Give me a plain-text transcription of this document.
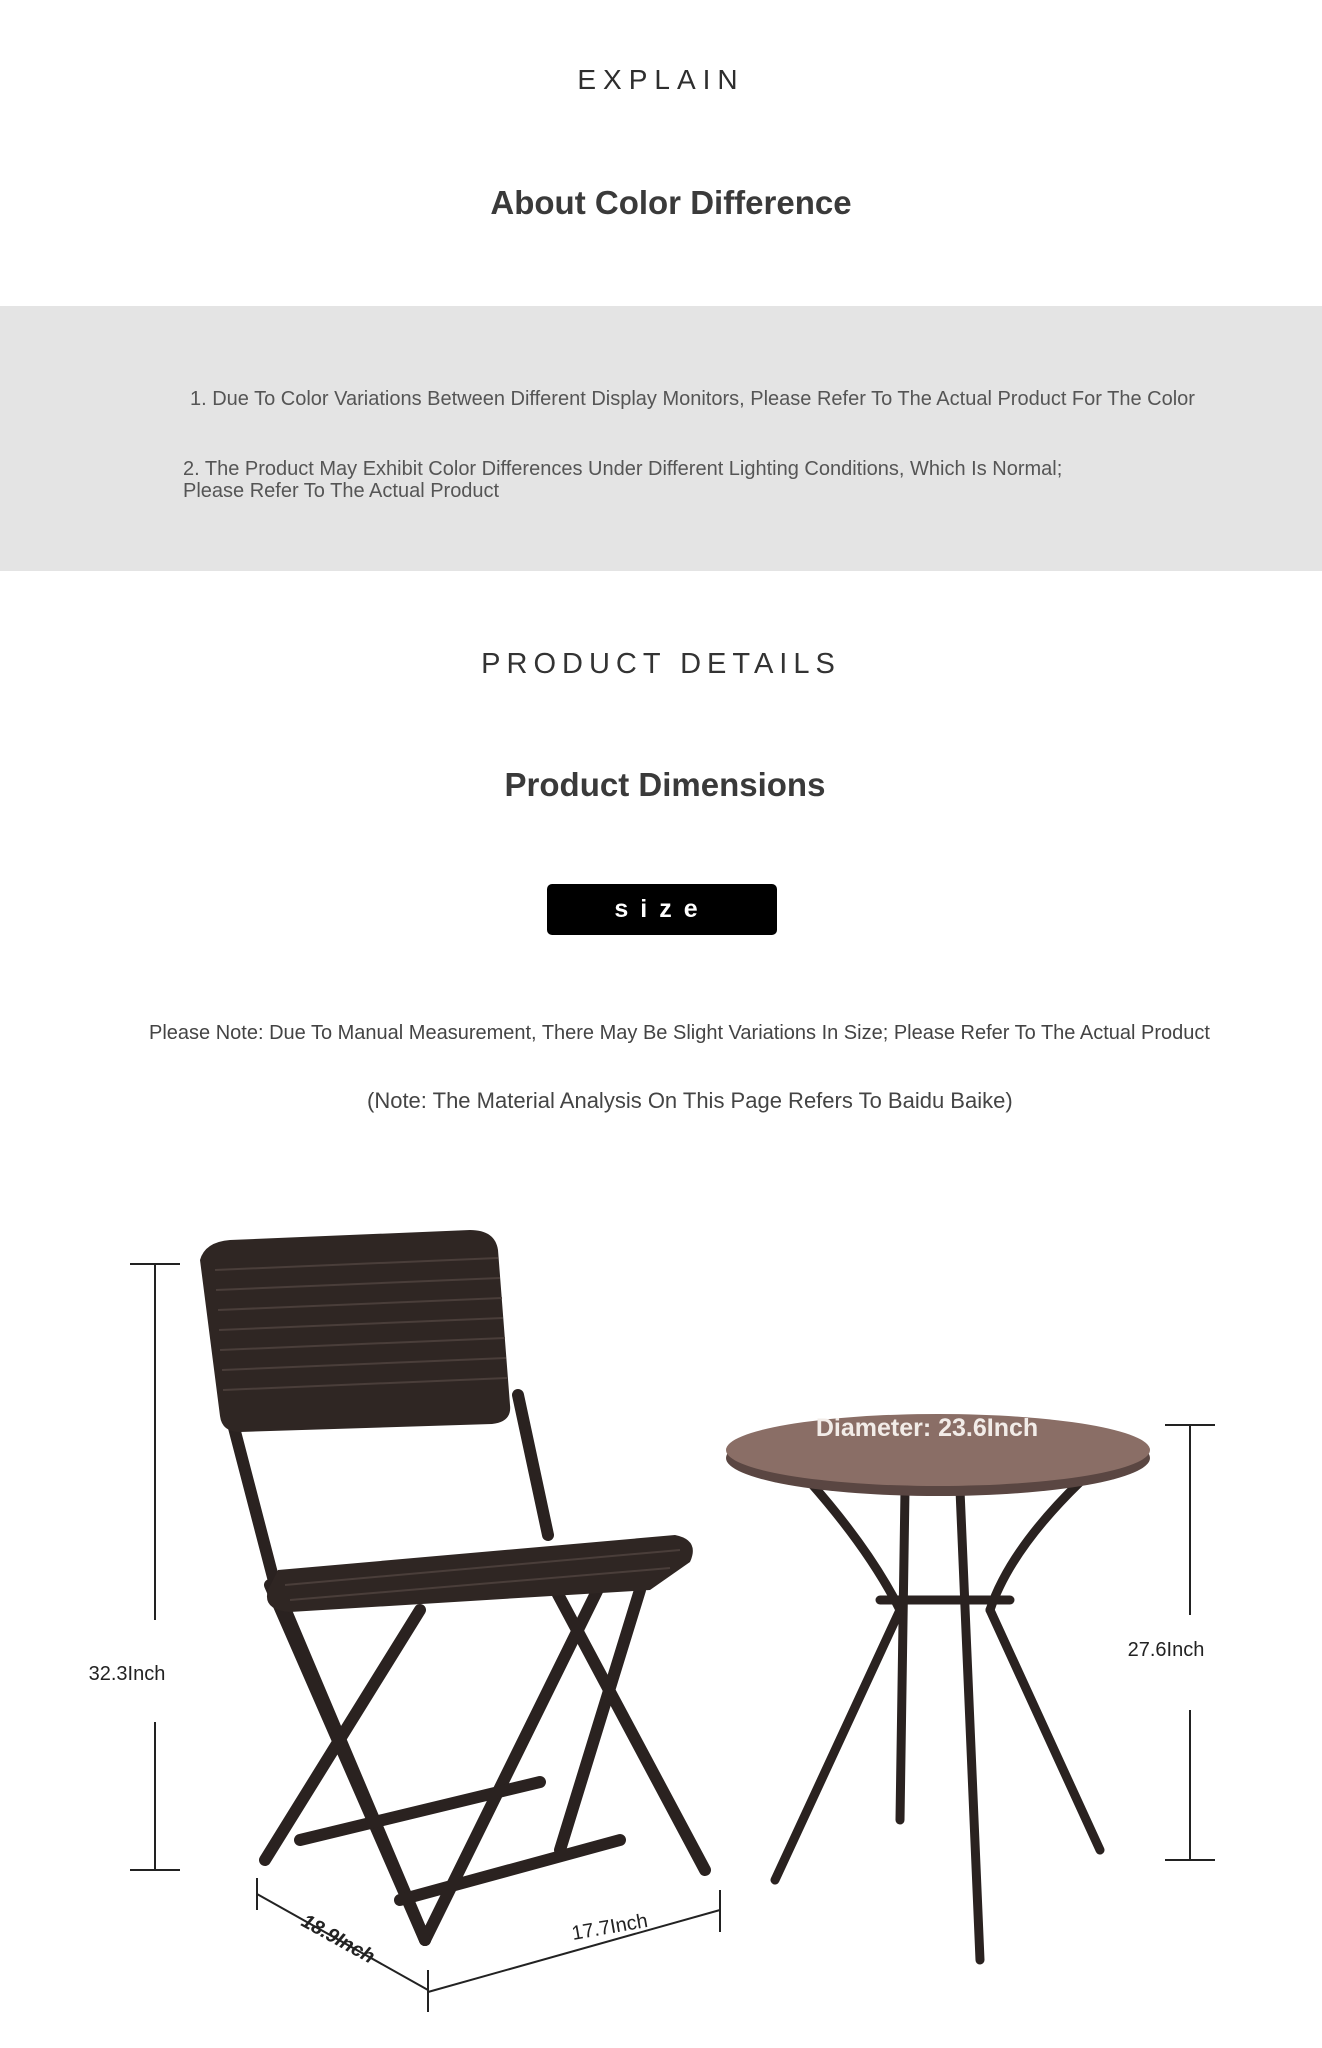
EXPLAIN
About Color Difference
1. Due To Color Variations Between Different Display Monitors, Please Refer To The Actual Product For The Color
2. The Product May Exhibit Color Differences Under Different Lighting Conditions, Which Is Normal;
Please Refer To The Actual Product
PRODUCT DETAILS
Product Dimensions
size
Please Note: Due To Manual Measurement, There May Be Slight Variations In Size; Please Refer To The Actual Product
(Note: The Material Analysis On This Page Refers To Baidu Baike)
32.3Inch
18.9Inch	17.7Inch
Diameter: 23.6Inch
27.6Inch
